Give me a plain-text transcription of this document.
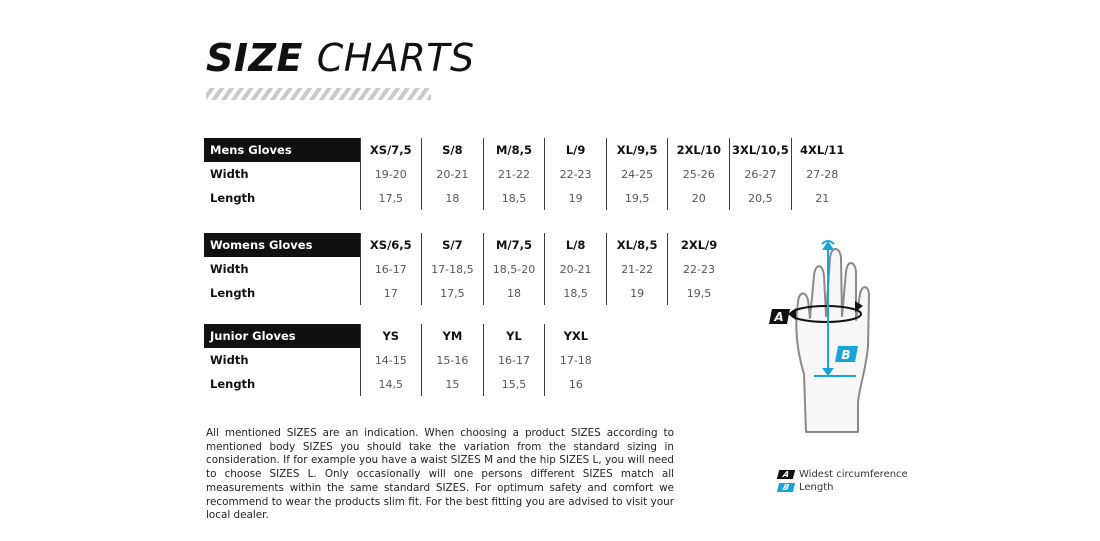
SIZE CHARTS
Mens Gloves	XS/7,5	S/8	M/8,5	L/9	XL/9,5	2XL/10	3XL/10,5	4XL/11
Width	19-20	20-21	21-22	22-23	24-25	25-26	26-27	27-28
Length	17,5	18	18,5	19	19,5	20	20,5	21
Womens Gloves	XS/6,5	S/7	M/7,5	L/8	XL/8,5	2XL/9
Width	16-17	17-18,5	18,5-20	20-21	21-22	22-23
Length	17	17,5	18	18,5	19	19,5
Junior Gloves	YS	YM	YL	YXL
Width	14-15	15-16	16-17	17-18
Length	14,5	15	15,5	16

All mentioned SIZES are an indication. When choosing a product SIZES according to mentioned body SIZES you should take the variation from the standard sizing in consideration. If for example you have a waist SIZES M and the hip SIZES L, you will need to choose SIZES L. Only occasionally will one persons different SIZES match all measurements within the same standard SIZES. For optimum safety and comfort we recommend to wear the products slim fit. For the best fitting you are advised to visit your local dealer.

A
B
A Widest circumference
B Length
